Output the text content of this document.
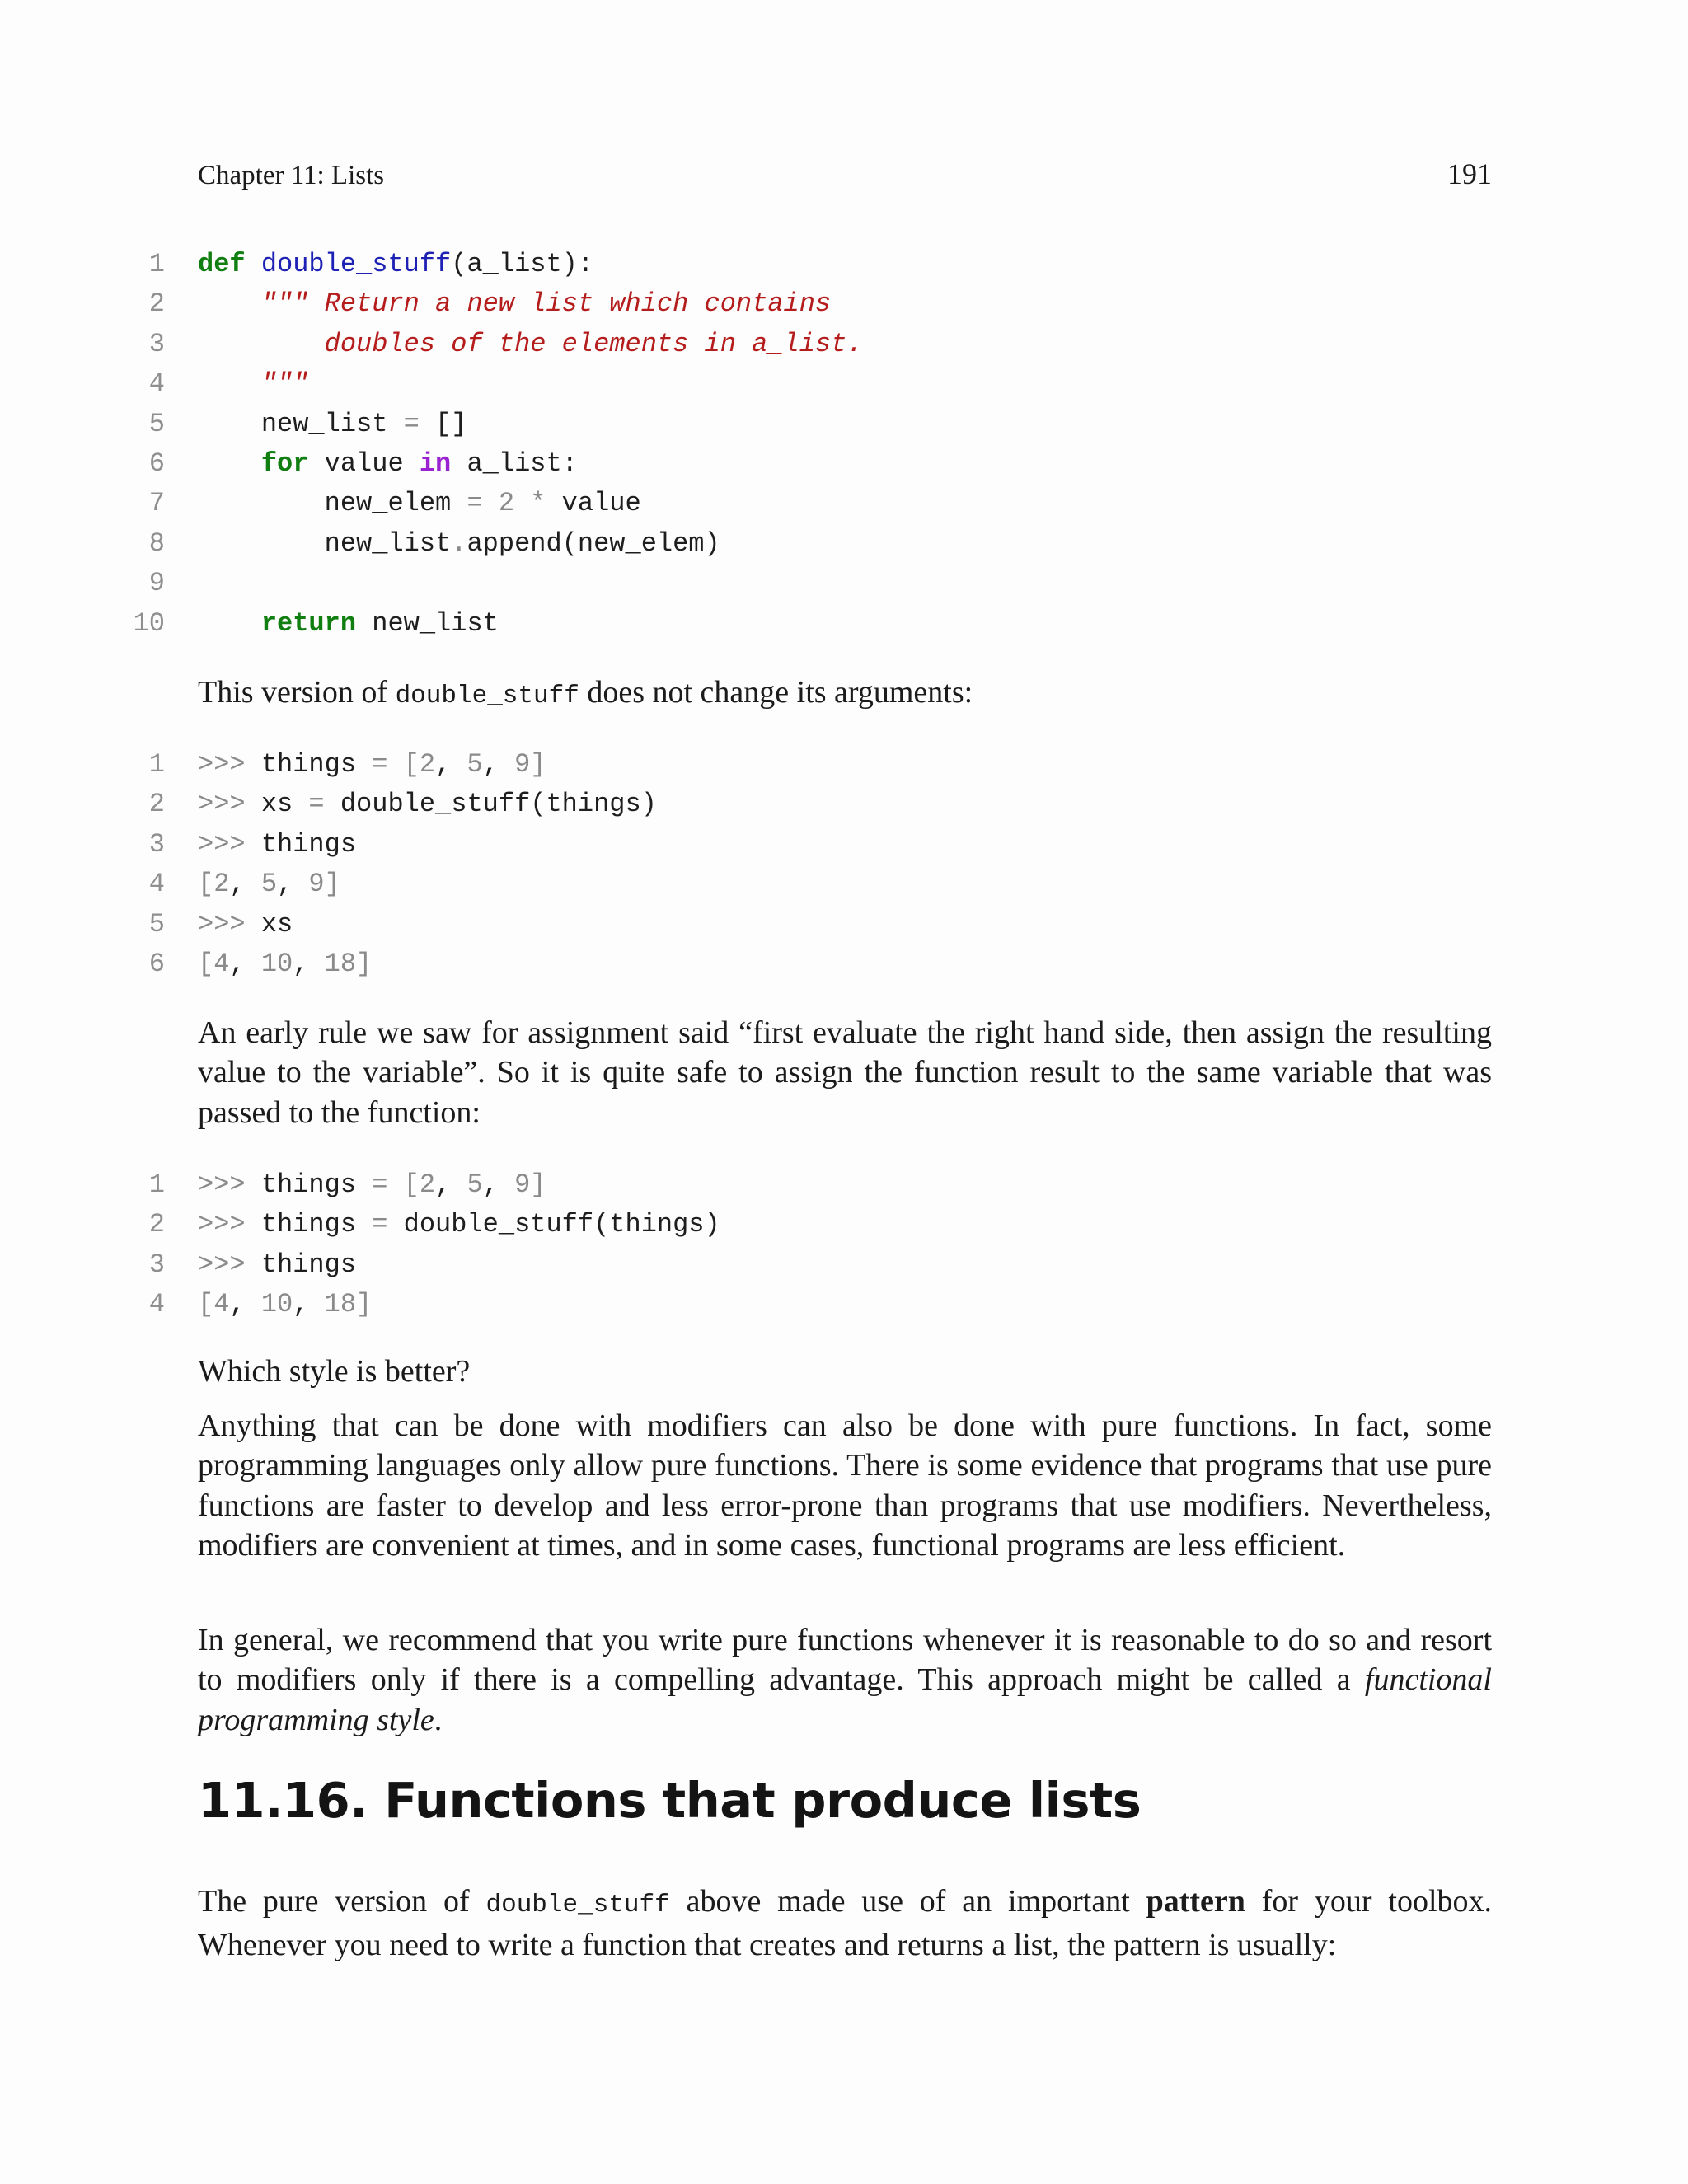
Chapter 11: Lists	191
1 def double_stuff(a_list):
2	""" Return a new list which contains
3	doubles of the elements in a_list.
4	"""
5 new_list = []
6	for value in a_list:
7 new_elem = 2 * value
8 new_list.append(new_elem)
9
10	return new_list

This version of double_stuff does not change its arguments:

1 >>> things = [2, 5, 9]
2 >>> xs = double_stuff(things)
3 >>> things
4 [2, 5, 9]
5 >>> xs
6 [4, 10, 18]

An early rule we saw for assignment said “first evaluate the right hand side, then assign the resulting value to the variable”. So it is quite safe to assign the function result to the same variable that was passed to the function:

1 >>> things = [2, 5, 9]
2 >>> things = double_stuff(things)
3 >>> things
4 [4, 10, 18]

Which style is better?

Anything that can be done with modifiers can also be done with pure functions. In fact, some programming languages only allow pure functions. There is some evidence that programs that use pure functions are faster to develop and less error-prone than programs that use modifiers. Nevertheless, modifiers are convenient at times, and in some cases, functional programs are less efficient.

In general, we recommend that you write pure functions whenever it is reasonable to do so and resort to modifiers only if there is a compelling advantage. This approach might be called a functional programming style.

11.16. Functions that produce lists

The pure version of double_stuff above made use of an important pattern for your toolbox. Whenever you need to write a function that creates and returns a list, the pattern is usually:
